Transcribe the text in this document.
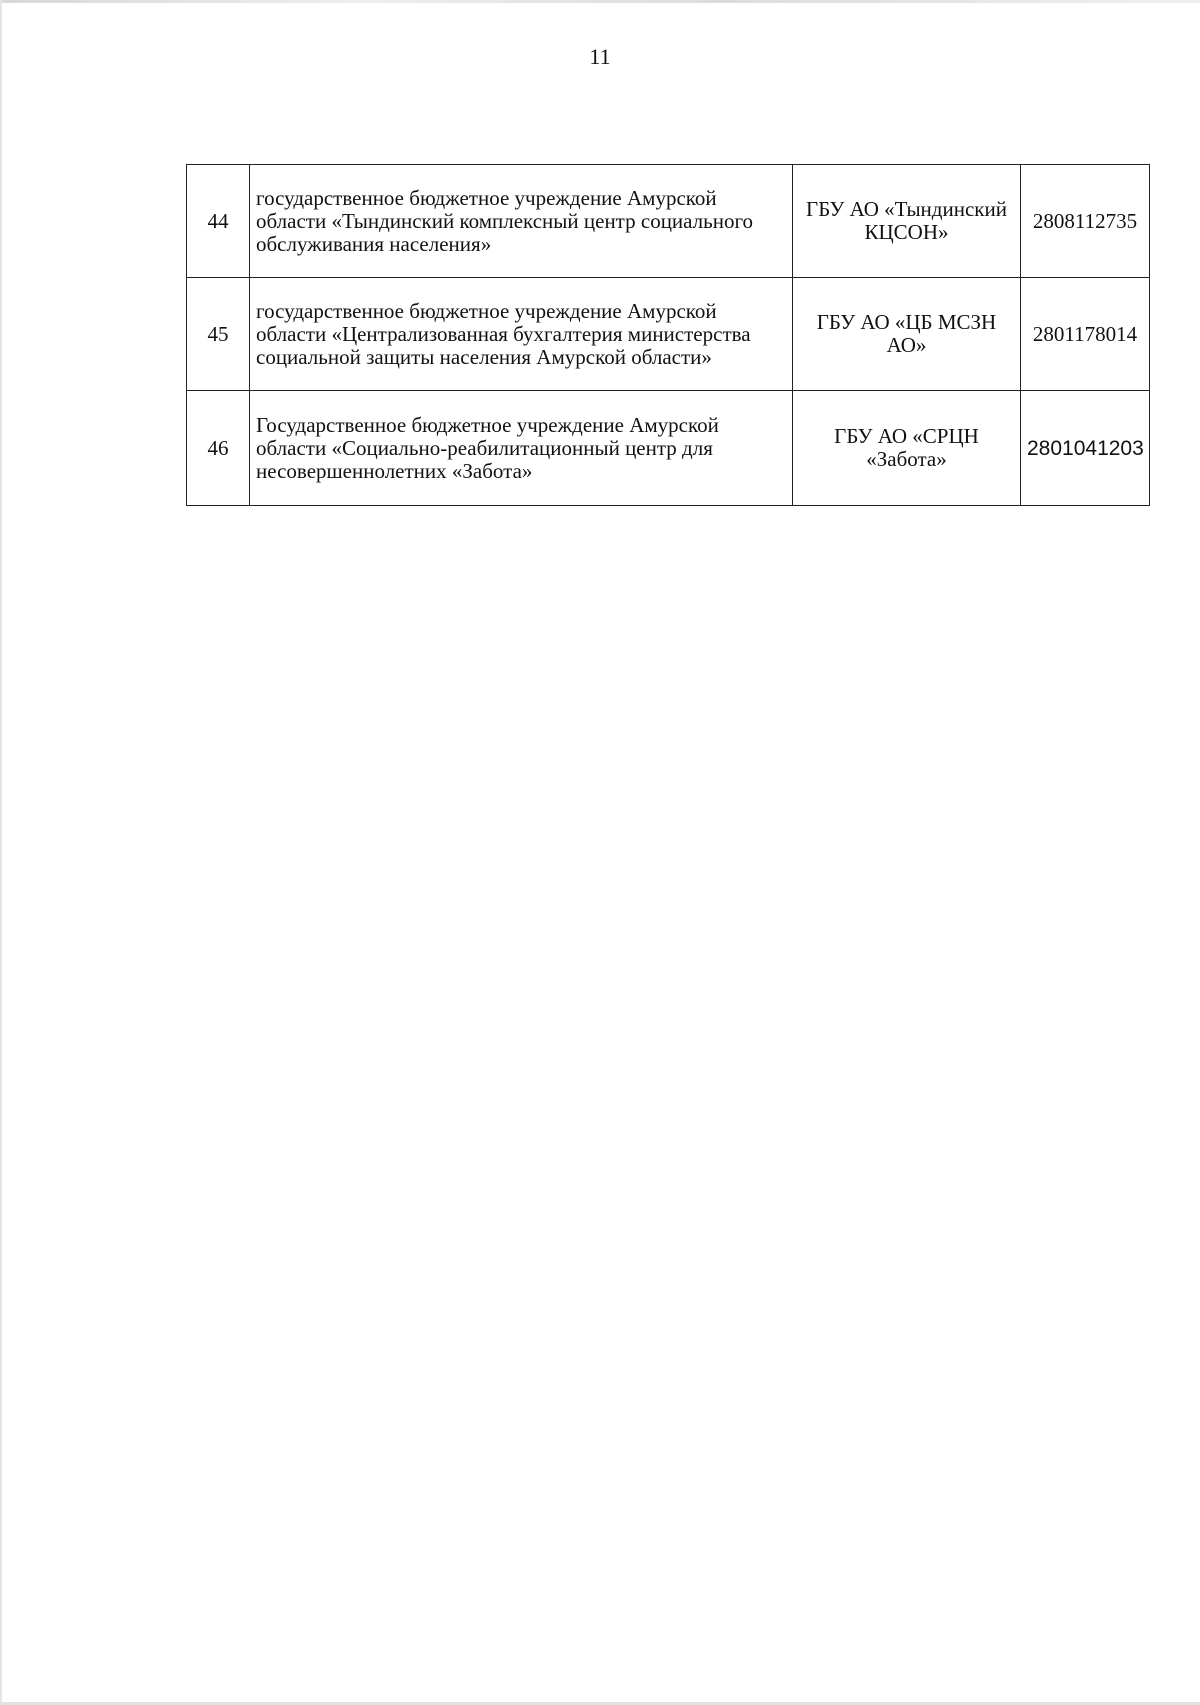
11
44	государственное бюджетное учреждение Амурской области «Тындинский комплексный центр социального обслуживания населения»	ГБУ АО «Тындинский КЦСОН»	2808112735
45	государственное бюджетное учреждение Амурской области «Централизованная бухгалтерия министерства социальной защиты населения Амурской области»	ГБУ АО «ЦБ МСЗН АО»	2801178014
46	Государственное бюджетное учреждение Амурской области «Социально-реабилитационный центр для несовершеннолетних «Забота»	ГБУ АО «СРЦН «Забота»	2801041203
